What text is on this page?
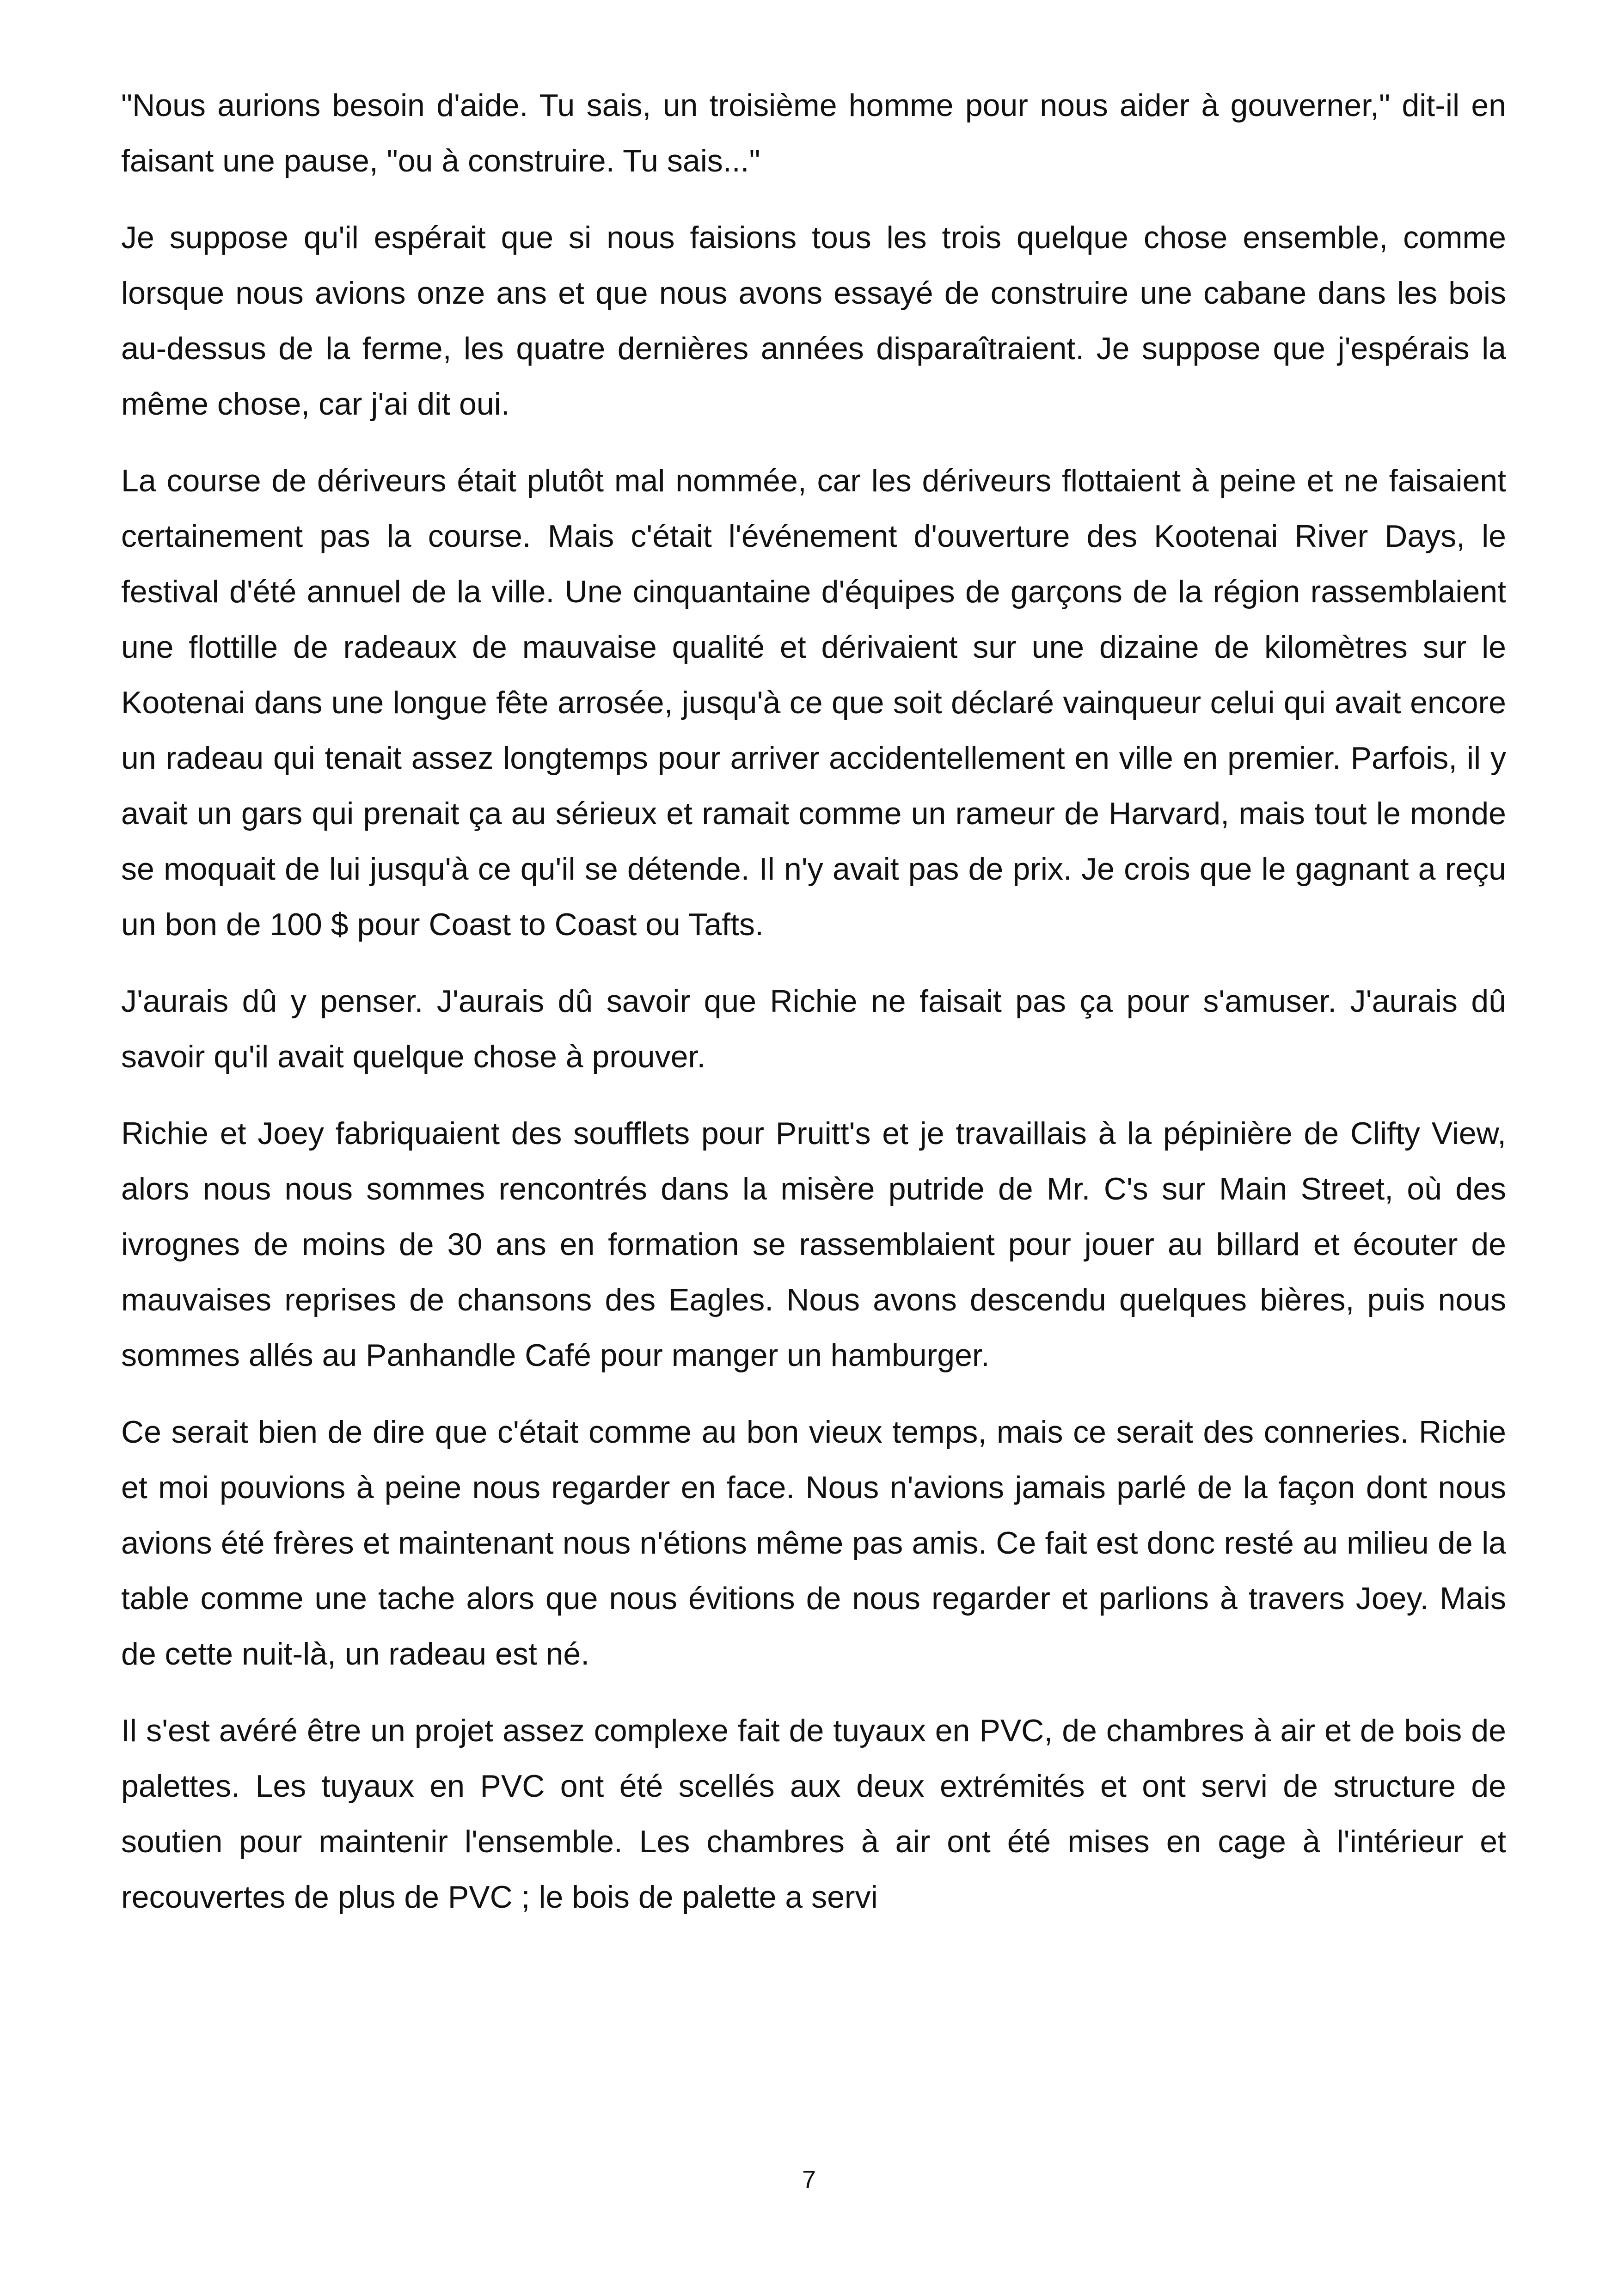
"Nous aurions besoin d'aide. Tu sais, un troisième homme pour nous aider à gouverner," dit-il en faisant une pause, "ou à construire. Tu sais..."

Je suppose qu'il espérait que si nous faisions tous les trois quelque chose ensemble, comme lorsque nous avions onze ans et que nous avons essayé de construire une cabane dans les bois au-dessus de la ferme, les quatre dernières années disparaîtraient. Je suppose que j'espérais la même chose, car j'ai dit oui.

La course de dériveurs était plutôt mal nommée, car les dériveurs flottaient à peine et ne faisaient certainement pas la course. Mais c'était l'événement d'ouverture des Kootenai River Days, le festival d'été annuel de la ville. Une cinquantaine d'équipes de garçons de la région rassemblaient une flottille de radeaux de mauvaise qualité et dérivaient sur une dizaine de kilomètres sur le Kootenai dans une longue fête arrosée, jusqu'à ce que soit déclaré vainqueur celui qui avait encore un radeau qui tenait assez longtemps pour arriver accidentellement en ville en premier. Parfois, il y avait un gars qui prenait ça au sérieux et ramait comme un rameur de Harvard, mais tout le monde se moquait de lui jusqu'à ce qu'il se détende. Il n'y avait pas de prix. Je crois que le gagnant a reçu un bon de 100 $ pour Coast to Coast ou Tafts.

J'aurais dû y penser. J'aurais dû savoir que Richie ne faisait pas ça pour s'amuser. J'aurais dû savoir qu'il avait quelque chose à prouver.

Richie et Joey fabriquaient des soufflets pour Pruitt's et je travaillais à la pépinière de Clifty View, alors nous nous sommes rencontrés dans la misère putride de Mr. C's sur Main Street, où des ivrognes de moins de 30 ans en formation se rassemblaient pour jouer au billard et écouter de mauvaises reprises de chansons des Eagles. Nous avons descendu quelques bières, puis nous sommes allés au Panhandle Café pour manger un hamburger.

Ce serait bien de dire que c'était comme au bon vieux temps, mais ce serait des conneries. Richie et moi pouvions à peine nous regarder en face. Nous n'avions jamais parlé de la façon dont nous avions été frères et maintenant nous n'étions même pas amis. Ce fait est donc resté au milieu de la table comme une tache alors que nous évitions de nous regarder et parlions à travers Joey. Mais de cette nuit-là, un radeau est né.

Il s'est avéré être un projet assez complexe fait de tuyaux en PVC, de chambres à air et de bois de palettes. Les tuyaux en PVC ont été scellés aux deux extrémités et ont servi de structure de soutien pour maintenir l'ensemble. Les chambres à air ont été mises en cage à l'intérieur et recouvertes de plus de PVC ; le bois de palette a servi

7
